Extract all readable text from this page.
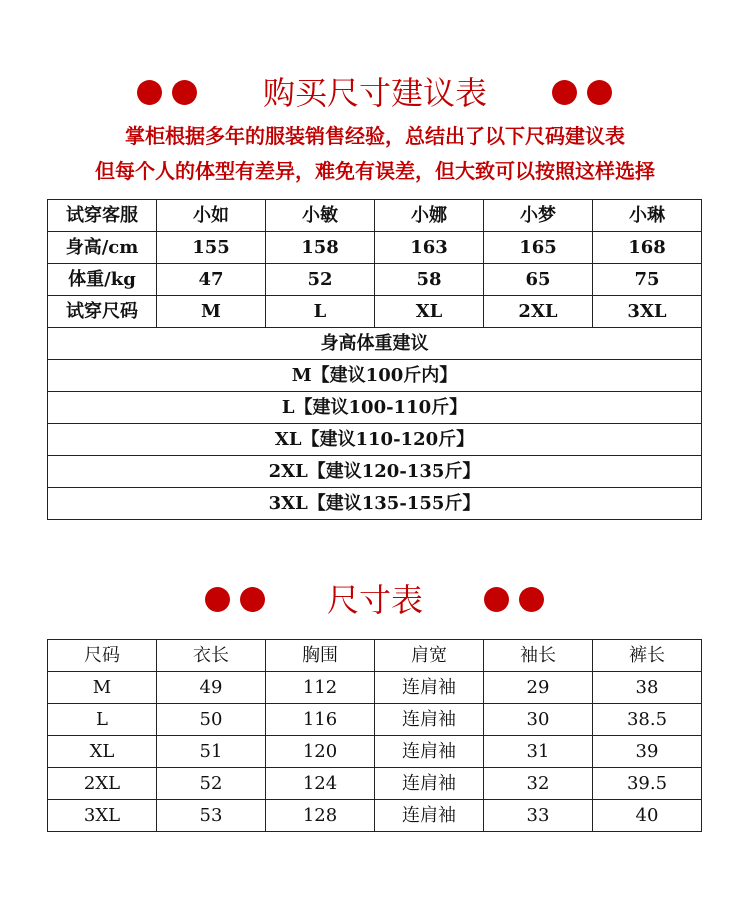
购买尺寸建议表
掌柜根据多年的服装销售经验，总结出了以下尺码建议表
但每个人的体型有差异，难免有误差，但大致可以按照这样选择
试穿客服	小如	小敏	小娜	小梦	小琳
身高/cm	155	158	163	165	168
体重/kg	47	52	58	65	75
试穿尺码	M	L	XL	2XL	3XL
身高体重建议					
M【建议100斤内】					
L【建议100-110斤】					
XL【建议110-120斤】					
2XL【建议120-135斤】					
3XL【建议135-155斤】					
尺寸表
尺码	衣长	胸围	肩宽	袖长	裤长
M	49	112	连肩袖	29	38
L	50	116	连肩袖	30	38.5
XL	51	120	连肩袖	31	39
2XL	52	124	连肩袖	32	39.5
3XL	53	128	连肩袖	33	40
